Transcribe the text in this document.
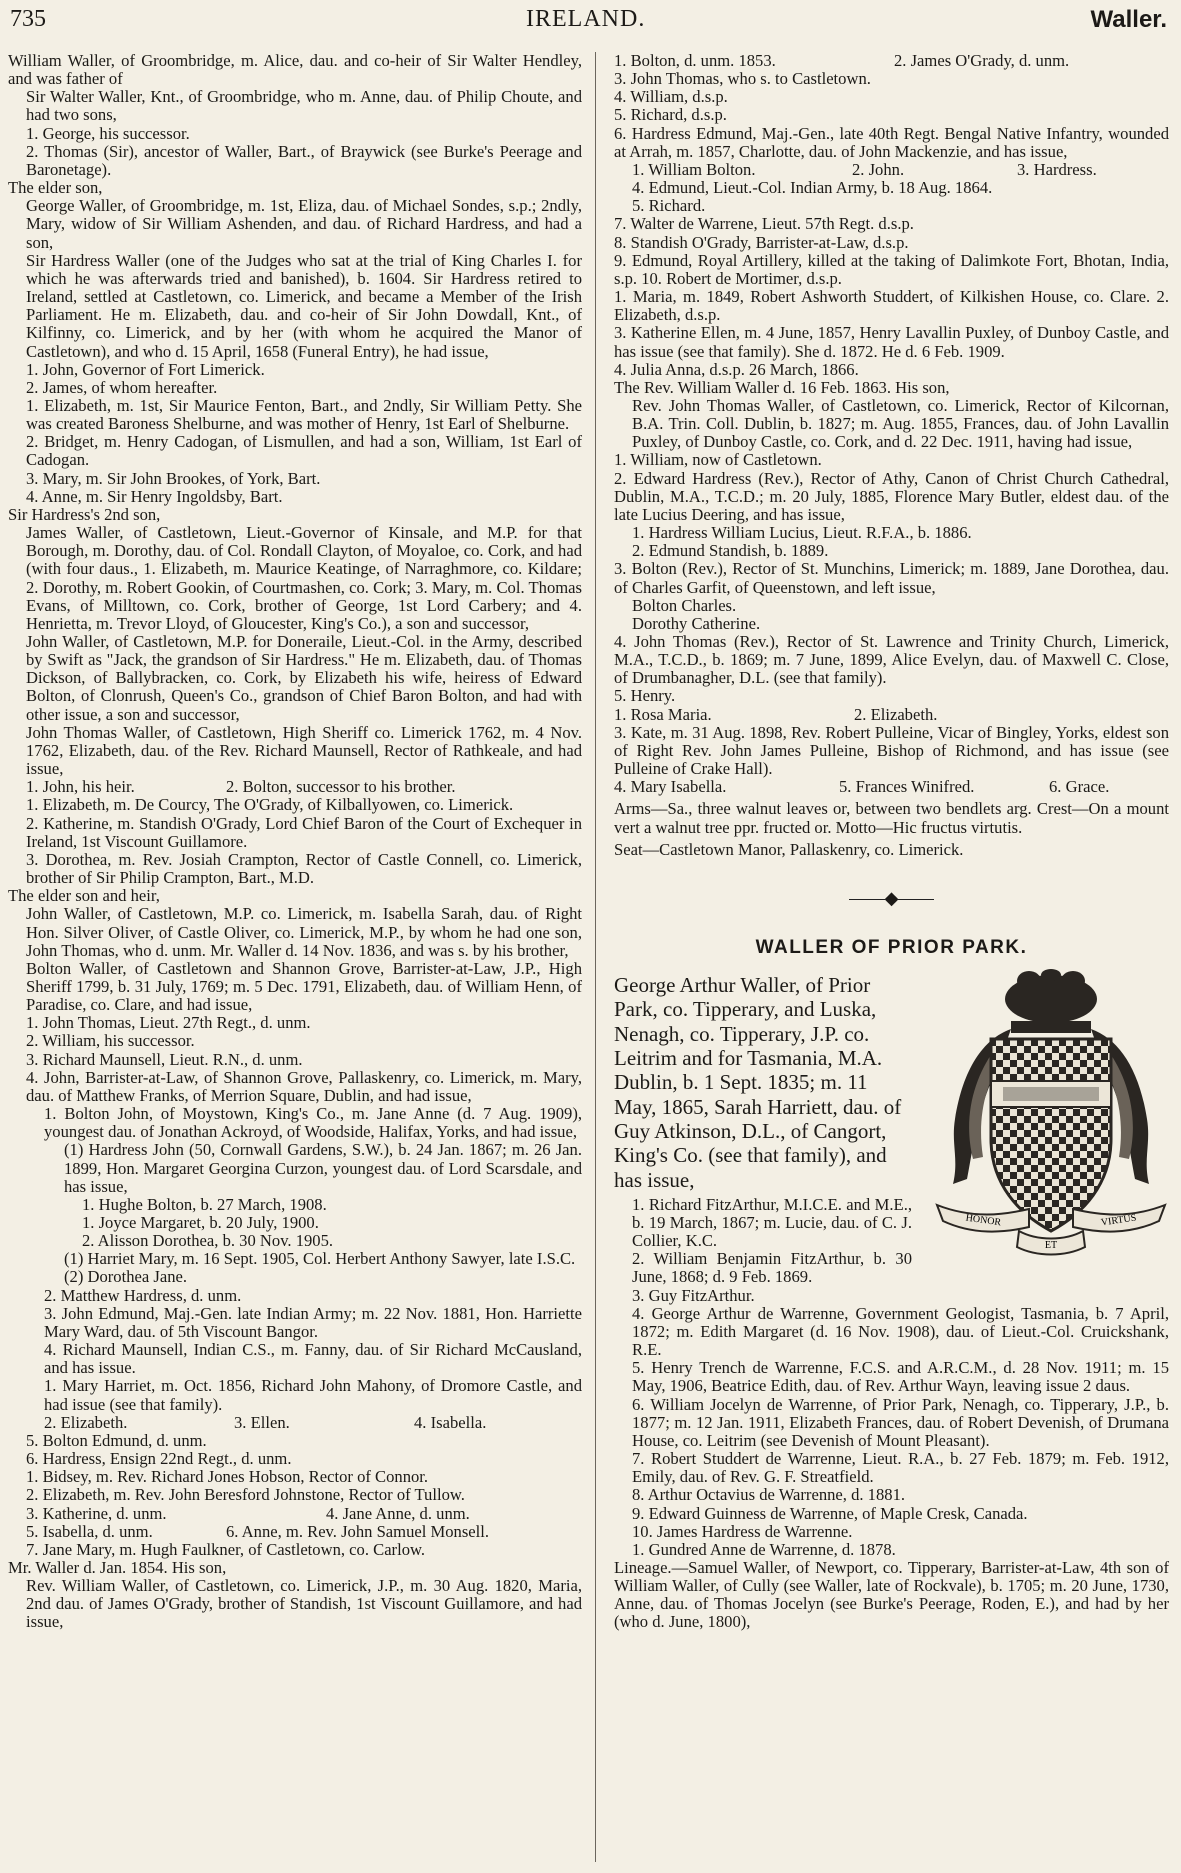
735	IRELAND.	Waller.

William Waller, of Groombridge, m. Alice, dau. and co-heir of Sir Walter Hendley, and was father of

Sir Walter Waller, Knt., of Groombridge, who m. Anne, dau. of Philip Choute, and had two sons,

1. George, his successor.

2. Thomas (Sir), ancestor of Waller, Bart., of Braywick (see Burke's Peerage and Baronetage).

The elder son,

George Waller, of Groombridge, m. 1st, Eliza, dau. of Michael Sondes, s.p.; 2ndly, Mary, widow of Sir William Ashenden, and dau. of Richard Hardress, and had a son,

Sir Hardress Waller (one of the Judges who sat at the trial of King Charles I. for which he was afterwards tried and banished), b. 1604. Sir Hardress retired to Ireland, settled at Castletown, co. Limerick, and became a Member of the Irish Parliament. He m. Elizabeth, dau. and co-heir of Sir John Dowdall, Knt., of Kilfinny, co. Limerick, and by her (with whom he acquired the Manor of Castletown), and who d. 15 April, 1658 (Funeral Entry), he had issue,

1. John, Governor of Fort Limerick.

2. James, of whom hereafter.

1. Elizabeth, m. 1st, Sir Maurice Fenton, Bart., and 2ndly, Sir William Petty. She was created Baroness Shelburne, and was mother of Henry, 1st Earl of Shelburne.

2. Bridget, m. Henry Cadogan, of Lismullen, and had a son, William, 1st Earl of Cadogan.

3. Mary, m. Sir John Brookes, of York, Bart.

4. Anne, m. Sir Henry Ingoldsby, Bart.

Sir Hardress's 2nd son,

James Waller, of Castletown, Lieut.-Governor of Kinsale, and M.P. for that Borough, m. Dorothy, dau. of Col. Rondall Clayton, of Moyaloe, co. Cork, and had (with four daus., 1. Elizabeth, m. Maurice Keatinge, of Narraghmore, co. Kildare; 2. Dorothy, m. Robert Gookin, of Courtmashen, co. Cork; 3. Mary, m. Col. Thomas Evans, of Milltown, co. Cork, brother of George, 1st Lord Carbery; and 4. Henrietta, m. Trevor Lloyd, of Gloucester, King's Co.), a son and successor,

John Waller, of Castletown, M.P. for Doneraile, Lieut.-Col. in the Army, described by Swift as "Jack, the grandson of Sir Hardress." He m. Elizabeth, dau. of Thomas Dickson, of Ballybracken, co. Cork, by Elizabeth his wife, heiress of Edward Bolton, of Clonrush, Queen's Co., grandson of Chief Baron Bolton, and had with other issue, a son and successor,

John Thomas Waller, of Castletown, High Sheriff co. Limerick 1762, m. 4 Nov. 1762, Elizabeth, dau. of the Rev. Richard Maunsell, Rector of Rathkeale, and had issue,

1. John, his heir.	2. Bolton, successor to his brother.

1. Elizabeth, m. De Courcy, The O'Grady, of Kilballyowen, co. Limerick.

2. Katherine, m. Standish O'Grady, Lord Chief Baron of the Court of Exchequer in Ireland, 1st Viscount Guillamore.

3. Dorothea, m. Rev. Josiah Crampton, Rector of Castle Connell, co. Limerick, brother of Sir Philip Crampton, Bart., M.D.

The elder son and heir,

John Waller, of Castletown, M.P. co. Limerick, m. Isabella Sarah, dau. of Right Hon. Silver Oliver, of Castle Oliver, co. Limerick, M.P., by whom he had one son, John Thomas, who d. unm. Mr. Waller d. 14 Nov. 1836, and was s. by his brother,

Bolton Waller, of Castletown and Shannon Grove, Barrister-at-Law, J.P., High Sheriff 1799, b. 31 July, 1769; m. 5 Dec. 1791, Elizabeth, dau. of William Henn, of Paradise, co. Clare, and had issue,

1. John Thomas, Lieut. 27th Regt., d. unm.

2. William, his successor.

3. Richard Maunsell, Lieut. R.N., d. unm.

4. John, Barrister-at-Law, of Shannon Grove, Pallaskenry, co. Limerick, m. Mary, dau. of Matthew Franks, of Merrion Square, Dublin, and had issue,

1. Bolton John, of Moystown, King's Co., m. Jane Anne (d. 7 Aug. 1909), youngest dau. of Jonathan Ackroyd, of Woodside, Halifax, Yorks, and had issue,

(1) Hardress John (50, Cornwall Gardens, S.W.), b. 24 Jan. 1867; m. 26 Jan. 1899, Hon. Margaret Georgina Curzon, youngest dau. of Lord Scarsdale, and has issue,

1. Hughe Bolton, b. 27 March, 1908.

1. Joyce Margaret, b. 20 July, 1900.

2. Alisson Dorothea, b. 30 Nov. 1905.

(1) Harriet Mary, m. 16 Sept. 1905, Col. Herbert Anthony Sawyer, late I.S.C.

(2) Dorothea Jane.

2. Matthew Hardress, d. unm.

3. John Edmund, Maj.-Gen. late Indian Army; m. 22 Nov. 1881, Hon. Harriette Mary Ward, dau. of 5th Viscount Bangor.

4. Richard Maunsell, Indian C.S., m. Fanny, dau. of Sir Richard McCausland, and has issue.

1. Mary Harriet, m. Oct. 1856, Richard John Mahony, of Dromore Castle, and had issue (see that family).

2. Elizabeth.	3. Ellen.	4. Isabella.

5. Bolton Edmund, d. unm.

6. Hardress, Ensign 22nd Regt., d. unm.

1. Bidsey, m. Rev. Richard Jones Hobson, Rector of Connor.

2. Elizabeth, m. Rev. John Beresford Johnstone, Rector of Tullow.

3. Katherine, d. unm.	4. Jane Anne, d. unm.
5. Isabella, d. unm.	6. Anne, m. Rev. John Samuel Monsell.

7. Jane Mary, m. Hugh Faulkner, of Castletown, co. Carlow.

Mr. Waller d. Jan. 1854. His son,

Rev. William Waller, of Castletown, co. Limerick, J.P., m. 30 Aug. 1820, Maria, 2nd dau. of James O'Grady, brother of Standish, 1st Viscount Guillamore, and had issue,

1. Bolton, d. unm. 1853.	2. James O'Grady, d. unm.

3. John Thomas, who s. to Castletown.

4. William, d.s.p.

5. Richard, d.s.p.

6. Hardress Edmund, Maj.-Gen., late 40th Regt. Bengal Native Infantry, wounded at Arrah, m. 1857, Charlotte, dau. of John Mackenzie, and has issue,

1. William Bolton.	2. John.	3. Hardress.

4. Edmund, Lieut.-Col. Indian Army, b. 18 Aug. 1864.

5. Richard.

7. Walter de Warrene, Lieut. 57th Regt. d.s.p.

8. Standish O'Grady, Barrister-at-Law, d.s.p.

9. Edmund, Royal Artillery, killed at the taking of Dalimkote Fort, Bhotan, India, s.p. 10. Robert de Mortimer, d.s.p.

1. Maria, m. 1849, Robert Ashworth Studdert, of Kilkishen House, co. Clare. 2. Elizabeth, d.s.p.

3. Katherine Ellen, m. 4 June, 1857, Henry Lavallin Puxley, of Dunboy Castle, and has issue (see that family). She d. 1872. He d. 6 Feb. 1909.

4. Julia Anna, d.s.p. 26 March, 1866.

The Rev. William Waller d. 16 Feb. 1863. His son,

Rev. John Thomas Waller, of Castletown, co. Limerick, Rector of Kilcornan, B.A. Trin. Coll. Dublin, b. 1827; m. Aug. 1855, Frances, dau. of John Lavallin Puxley, of Dunboy Castle, co. Cork, and d. 22 Dec. 1911, having had issue,

1. William, now of Castletown.

2. Edward Hardress (Rev.), Rector of Athy, Canon of Christ Church Cathedral, Dublin, M.A., T.C.D.; m. 20 July, 1885, Florence Mary Butler, eldest dau. of the late Lucius Deering, and has issue,

1. Hardress William Lucius, Lieut. R.F.A., b. 1886.

2. Edmund Standish, b. 1889.

3. Bolton (Rev.), Rector of St. Munchins, Limerick; m. 1889, Jane Dorothea, dau. of Charles Garfit, of Queenstown, and left issue,

Bolton Charles.

Dorothy Catherine.

4. John Thomas (Rev.), Rector of St. Lawrence and Trinity Church, Limerick, M.A., T.C.D., b. 1869; m. 7 June, 1899, Alice Evelyn, dau. of Maxwell C. Close, of Drumbanagher, D.L. (see that family).

5. Henry.

1. Rosa Maria.	2. Elizabeth.

3. Kate, m. 31 Aug. 1898, Rev. Robert Pulleine, Vicar of Bingley, Yorks, eldest son of Right Rev. John James Pulleine, Bishop of Richmond, and has issue (see Pulleine of Crake Hall).

4. Mary Isabella.	5. Frances Winifred.	6. Grace.

Arms—Sa., three walnut leaves or, between two bendlets arg. Crest—On a mount vert a walnut tree ppr. fructed or. Motto—Hic fructus virtutis.

Seat—Castletown Manor, Pallaskenry, co. Limerick.

◆
WALLER OF PRIOR PARK.
HONOR	VIRTUS
ET

George Arthur Waller, of Prior Park, co. Tipperary, and Luska, Nenagh, co. Tipperary, J.P. co. Leitrim and for Tasmania, M.A. Dublin, b. 1 Sept. 1835; m. 11 May, 1865, Sarah Harriett, dau. of Guy Atkinson, D.L., of Cangort, King's Co. (see that family), and has issue,

1. Richard FitzArthur, M.I.C.E. and M.E., b. 19 March, 1867; m. Lucie, dau. of C. J. Collier, K.C.

2. William Benjamin FitzArthur, b. 30 June, 1868; d. 9 Feb. 1869.

3. Guy FitzArthur.

4. George Arthur de Warrenne, Government Geologist, Tasmania, b. 7 April, 1872; m. Edith Margaret (d. 16 Nov. 1908), dau. of Lieut.-Col. Cruickshank, R.E.

5. Henry Trench de Warrenne, F.C.S. and A.R.C.M., d. 28 Nov. 1911; m. 15 May, 1906, Beatrice Edith, dau. of Rev. Arthur Wayn, leaving issue 2 daus.

6. William Jocelyn de Warrenne, of Prior Park, Nenagh, co. Tipperary, J.P., b. 1877; m. 12 Jan. 1911, Elizabeth Frances, dau. of Robert Devenish, of Drumana House, co. Leitrim (see Devenish of Mount Pleasant).

7. Robert Studdert de Warrenne, Lieut. R.A., b. 27 Feb. 1879; m. Feb. 1912, Emily, dau. of Rev. G. F. Streatfield.

8. Arthur Octavius de Warrenne, d. 1881.

9. Edward Guinness de Warrenne, of Maple Cresk, Canada.

10. James Hardress de Warrenne.

1. Gundred Anne de Warrenne, d. 1878.

Lineage.—Samuel Waller, of Newport, co. Tipperary, Barrister-at-Law, 4th son of William Waller, of Cully (see Waller, late of Rockvale), b. 1705; m. 20 June, 1730, Anne, dau. of Thomas Jocelyn (see Burke's Peerage, Roden, E.), and had by her (who d. June, 1800),
